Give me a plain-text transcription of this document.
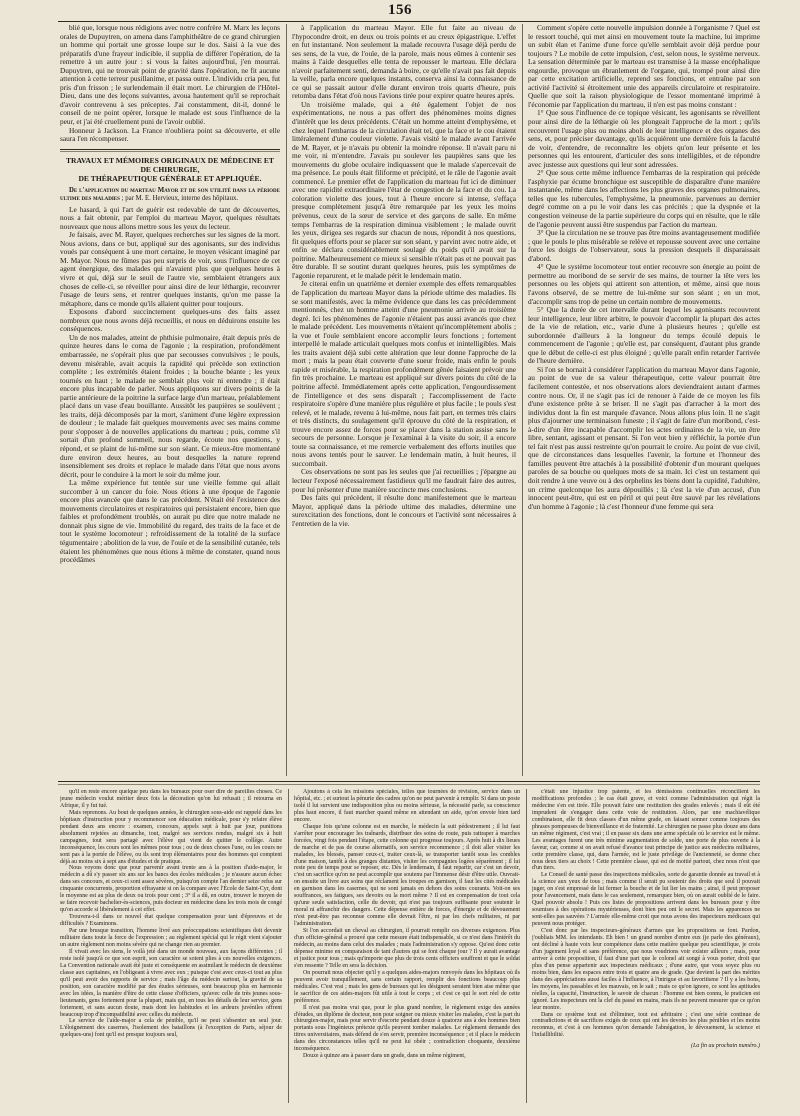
156

blié que, lorsque nous rédigions avec notre confrère M. Marx les leçons orales de Dupuytren, on amena dans l'amphithéâtre de ce grand chirurgien un homme qui portait une grosse loupe sur le dos. Saisi à la vue des préparatifs d'une frayeur indicible, il supplia de différer l'opération, de la remettre à un autre jour : si vous la faites aujourd'hui, j'en mourrai. Dupuytren, qui ne trouvait point de gravité dans l'opération, ne fit aucune attention à cette terreur pusillanime, et passa outre. L'individu cria peu, fut pris d'un frisson ; le surlendemain il était mort. Le chirurgien de l'Hôtel-Dieu, dans une des leçons suivantes, avoua hautement qu'il se reprochait d'avoir contrevenu à ses préceptes. J'ai constamment, dit-il, donné le conseil de ne point opérer, lorsque le malade est sous l'influence de la peur, et j'ai été cruellement puni de l'avoir oublié.

Honneur à Jackson. La France n'oubliera point sa découverte, et elle saura l'en récompenser.

TRAVAUX ET MÉMOIRES ORIGINAUX DE MÉDECINE ET DE CHIRURGIE,

DE THÉRAPEUTIQUE GÉNÉRALE ET APPLIQUÉE.

De l'application du marteau Mayor et de son utilité dans la période ultime des maladies ; par M. E. Hervieux, interne des hôpitaux.

Le hasard, à qui l'art de guérir est redevable de tant de découvertes, nous a fait obtenir, par l'emploi du marteau Mayor, quelques résultats nouveaux que nous allons mettre sous les yeux du lecteur.

Je faisais, avec M. Rayer, quelques recherches sur les signes de la mort. Nous avions, dans ce but, appliqué sur des agonisants, sur des individus voués par conséquent à une mort certaine, le moyen vésicant imaginé par M. Mayor. Nous ne fûmes pas peu surpris de voir, sous l'influence de cet agent énergique, des malades qui n'avaient plus que quelques heures à vivre et qui, déjà sur le seuil de l'autre vie, semblaient étrangers aux choses de celle-ci, se réveiller pour ainsi dire de leur léthargie, recouvrer l'usage de leurs sens, et rentrer quelques instants, qu'on me passe la métaphore, dans ce monde qu'ils allaient quitter pour toujours.

Exposons d'abord succinctement quelques-uns des faits assez nombreux que nous avons déjà recueillis, et nous en déduirons ensuite les conséquences.

Un de nos malades, atteint de phthisie pulmonaire, était depuis près de quinze heures dans le coma de l'agonie ; la respiration, profondément embarrassée, ne s'opérait plus que par secousses convulsives ; le pouls, devenu misérable, avait acquis la rapidité qui précède son extinction complète ; les extrémités étaient froides ; la bouche béante ; les yeux tournés en haut ; le malade ne semblait plus voir ni entendre ; il était encore plus incapable de parler. Nous appliquons sur divers points de la partie antérieure de la poitrine la surface large d'un marteau, préalablement placé dans un vase d'eau bouillante. Aussitôt les paupières se soulèvent ; les traits, déjà décomposés par la mort, s'animent d'une légère expression de douleur ; le malade fait quelques mouvements avec ses mains comme pour s'opposer à de nouvelles applications du marteau ; puis, comme s'il sortait d'un profond sommeil, nous regarde, écoute nos questions, y répond, et se plaint de lui-même sur son séant. Ce mieux-être momentané dure environ deux heures, au bout desquelles la nature reprend insensiblement ses droits et replace le malade dans l'état que nous avons décrit, pour le conduire à la mort le soir du même jour.

La même expérience fut tentée sur une vieille femme qui allait succomber à un cancer du foie. Nous étions à une époque de l'agonie encore plus avancée que dans le cas précédent. N'était été l'existence des mouvements circulatoires et respiratoires qui persistaient encore, bien que faibles et profondément troublés, on aurait pu dire que notre malade ne donnait plus signe de vie. Immobilité du regard, des traits de la face et de tout le système locomoteur ; refroidissement de la totalité de la surface tégumentaire ; abolition de la vue, de l'ouïe et de la sensibilité cutanée, tels étaient les phénomènes que nous étions à même de constater, quand nous procédâmes

à l'application du marteau Mayor. Elle fut faite au niveau de l'hypocondre droit, en deux ou trois points et au creux épigastrique. L'effet en fut instantané. Non seulement la malade recouvra l'usage déjà perdu de ses sens, de la vue, de l'ouïe, de la parole, mais nous eûmes à contenir ses mains à l'aide desquelles elle tenta de repousser le marteau. Elle déclara n'avoir parfaitement senti, demanda à boire, ce qu'elle n'avait pas fait depuis la veille, parla encore quelques instants, conserva ainsi la connaissance de ce qui se passait autour d'elle durant environ trois quarts d'heure, puis retomba dans l'état d'où nous l'avions tirée pour expirer quatre heures après.

Un troisième malade, qui a été également l'objet de nos expérimentations, ne nous a pas offert des phénomènes moins dignes d'intérêt que les deux précédents. C'était un homme atteint d'emphysème, et chez lequel l'embarras de la circulation était tel, que la face et le cou étaient littéralement d'une couleur violette. J'avais visité le malade avant l'arrivée de M. Rayer, et je n'avais pu obtenir la moindre réponse. Il n'avait paru ni me voir, ni m'entendre. J'avais pu soulever les paupières sans que les mouvements du globe oculaire indiquassent que le malade s'apercevait de ma présence. Le pouls était filiforme et précipité, et le râle de l'agonie avait commencé. Le premier effet de l'application du marteau fut ici de diminuer avec une rapidité extraordinaire l'état de congestion de la face et du cou. La coloration violette des joues, tout à l'heure encore si intense, s'effaça presque complètement jusqu'à être remarquée par les yeux les moins prévenus, ceux de la sœur de service et des garçons de salle. En même temps l'embarras de la respiration diminua visiblement ; le malade ouvrit les yeux, dirigea ses regards sur chacun de nous, répondit à nos questions, fit quelques efforts pour se placer sur son séant, y parvint avec notre aide, et enfin se déclara considérablement soulagé du poids qu'il avait sur la poitrine. Malheureusement ce mieux si sensible n'était pas et ne pouvait pas être durable. Il se soutint durant quelques heures, puis les symptômes de l'agonie reparurent, et le malade périt le lendemain matin.

Je citerai enfin un quatrième et dernier exemple des effets remarquables de l'application du marteau Mayor dans la période ultime des maladies. Ils se sont manifestés, avec la même évidence que dans les cas précédemment mentionnés, chez un homme atteint d'une pneumonie arrivée au troisième degré. Ici les phénomènes de l'agonie n'étaient pas aussi avancés que chez le malade précédent. Les mouvements n'étaient qu'incomplètement abolis ; la vue et l'ouïe semblaient encore accomplir leurs fonctions ; fortement interpellé le malade articulait quelques mots confus et inintelligibles. Mais les traits avaient déjà subi cette altération que leur donne l'approche de la mort ; mais la peau était couverte d'une sueur froide, mais enfin le pouls rapide et misérable, la respiration profondément gênée faisaient prévoir une fin très prochaine. Le marteau est appliqué sur divers points du côté de la poitrine affecté. Immédiatement après cette application, l'engourdissement de l'intelligence et des sens disparaît ; l'accomplissement de l'acte respiratoire s'opère d'une manière plus régulière et plus facile ; le pouls s'est relevé, et le malade, revenu à lui-même, nous fait part, en termes très clairs et très distincts, du soulagement qu'il éprouve du côté de la respiration, et trouve encore assez de forces pour se placer dans la station assise sans le secours de personne. Lorsque je l'examinai à la visite du soir, il a encore toute sa connaissance, et me remercie verbalement des efforts inutiles que nous avons tentés pour le sauver. Le lendemain matin, à huit heures, il succombait.

Ces observations ne sont pas les seules que j'ai recueillies ; j'épargne au lecteur l'exposé nécessairement fastidieux qu'il me faudrait faire des autres, pour lui présenter d'une manière succincte mes conclusions.

Des faits qui précèdent, il résulte donc manifestement que le marteau Mayor, appliqué dans la période ultime des maladies, détermine une surexcitation des fonctions, dont le concours et l'activité sont nécessaires à l'entretien de la vie.

Comment s'opère cette nouvelle impulsion donnée à l'organisme ? Quel est le ressort touché, qui met ainsi en mouvement toute la machine, lui imprime un subit élan et l'anime d'une force qu'elle semblait avoir déjà perdue pour toujours ? Le mobile de cette impulsion, c'est, selon nous, le système nerveux. La sensation déterminée par le marteau est transmise à la masse encéphalique engourdie, provoque un ébranlement de l'organe, qui, trompé pour ainsi dire par cette excitation artificielle, reprend ses fonctions, et entraîne par son activité l'activité si étroitement unie des appareils circulatoire et respiratoire. Quelle que soit la raison physiologique de l'essor momentané imprimé à l'économie par l'application du marteau, il n'en est pas moins constant :

1° Que sous l'influence de ce topique vésicant, les agonisants se réveillent pour ainsi dire de la léthargie où les plongeait l'approche de la mort ; qu'ils recouvrent l'usage plus ou moins aboli de leur intelligence et des organes des sens, et, pour préciser davantage, qu'ils acquièrent une dernière fois la faculté de voir, d'entendre, de reconnaître les objets qu'on leur présente et les personnes qui les entourent, d'articuler des sons intelligibles, et de répondre avec justesse aux questions qui leur sont adressées.

2° Que sous cette même influence l'embarras de la respiration qui précède l'asphyxie par écume bronchique est susceptible de disparaître d'une manière instantanée, même dans les affections les plus graves des organes pulmonaires, telles que les tubercules, l'emphysème, la pneumonie, parvenues au dernier degré comme on a pu le voir dans les cas précités ; que la dyspnée et la congestion veineuse de la partie supérieure du corps qui en résulte, que le râle de l'agonie peuvent aussi être suspendus par l'action du marteau.

3° Que la circulation ne se trouve pas être moins avantageusement modifiée ; que le pouls le plus misérable se relève et repousse souvent avec une certaine force les doigts de l'observateur, sous la pression desquels il disparaissait d'abord.

4° Que le système locomoteur tout entier recouvre son énergie au point de permettre au moribond de se servir de ses mains, de tourner la tête vers les personnes ou les objets qui attirent son attention, et même, ainsi que nous l'avons observé, de se mettre de lui-même sur son séant ; en un mot, d'accomplir sans trop de peine un certain nombre de mouvements.

5° Que la durée de cet intervalle durant lequel les agonisants recouvrent leur intelligence, leur libre arbitre, le pouvoir d'accomplir la plupart des actes de la vie de relation, etc., varie d'une à plusieurs heures ; qu'elle est subordonnée d'ailleurs à la longueur du temps écoulé depuis le commencement de l'agonie ; qu'elle est, par conséquent, d'autant plus grande que le début de celle-ci est plus éloigné ; qu'elle paraît enfin retarder l'arrivée de l'heure dernière.

Si l'on se bornait à considérer l'application du marteau Mayor dans l'agonie, au point de vue de sa valeur thérapeutique, cette valeur pourrait être facilement contestée, et nos observations alors deviendraient autant d'armes contre nous. Or, il ne s'agit pas ici de renouer à l'aide de ce moyen les fils d'une existence prête à se briser. Il ne s'agit pas d'arracher à la mort des individus dont la fin est marquée d'avance. Nous allons plus loin. Il ne s'agit plus d'ajourner une terminaison funeste ; il s'agit de faire d'un moribond, c'est-à-dire d'un être incapable d'accomplir les actes ordinaires de la vie, un être libre, sentant, agissant et pensant. Si l'on veut bien y réfléchir, la portée d'un tel fait n'est pas aussi restreinte qu'on pourrait le croire. Au point de vue civil, que de circonstances dans lesquelles l'avenir, la fortune et l'honneur des familles peuvent être attachés à la possibilité d'obtenir d'un mourant quelques paroles de sa bouche ou quelques mots de sa main. Ici c'est un testament qui doit rendre à une veuve ou à des orphelins les biens dont la cupidité, l'adultère, un crime quelconque les aura dépouillés ; là c'est la vie d'un accusé, d'un innocent peut-être, qui est en péril et qui peut être sauvé par les révélations d'un homme à l'agonie ; là c'est l'honneur d'une femme qui sera

qu'il en reste encore quelque peu dans les bureaux pour oser dire de pareilles choses. Ce jeune médecin voulut mériter deux fois la décoration qu'on lui refusait ; il retourna en Afrique, il y fut tué.

Mais reprenons. Au bout de quelques années, le chirurgien sous-aide est rappelé dans les hôpitaux d'instruction pour y recommencer son éducation médicale, pour s'y refaire élève pendant deux ans encore : examen, concours, appels sept à huit par jour, punitions absolument rejetées au dimanche, tout, malgré ses services rendus, malgré six à huit campagnes, tout sera partagé avec l'élève qui vient de quitter le collège. Autre inconséquence, les cours sont les mêmes pour tous ; ou de deux choses l'une, ou les cours ne sont pas à la portée de l'élève, ou ils sont trop élémentaires pour des hommes qui comptent déjà au moins six à sept ans d'études et de pratique.

Nous voyons donc que pour parvenir avant trente ans à la position d'aide-major, le médecin a dû s'y passer six ans sur les bancs des écoles médicales ; je n'assure aucun échec dans ses concours, et ceux-ci sont assez sévères, puisqu'on compte l'an dernier seize refus sur cinquante concurrents, proportion effrayante si on la compare avec l'École de Saint-Cyr, dont le moyenne est au plus de deux ou trois pour cent ; 3° il a dû, en outre, trouver le moyen de se faire recevoir bachelier-ès-sciences, puis docteur en médecine dans les trois mois de congé qu'on accorde si libéralement à cet effet.

Trouvera-t-il dans ce nouvel état quelque compensation pour tant d'épreuves et de difficultés ? Examinons.

Par une brusque transition, l'homme livré aux préoccupations scientifiques doit devenir militaire dans toute la force de l'expression ; au règlement spécial qui le régit vient s'ajouter un autre règlement non moins sévère qui ne change rien au premier.

Il vivait avec les siens, le voilà jeté dans un monde nouveau, aux façons différentes ; il reste isolé jusqu'à ce que son esprit, son caractère se soient plies à ces nouvelles exigences. La Convention nationale avait été juste et conséquente en assimilant le médecin de deuxième classe aux capitaines, en l'obligeant à vivre avec eux ; puisque c'est avec ceux-ci tout au plus qu'il peut avoir des rapports de service ; mais l'âge du médecin surtout, la gravité de sa position, son caractère modifié par des études sérieuses, sont beaucoup plus en harmonie avec les idées, la manière d'être de cette classe d'officiers, qu'avec celle de très jeunes sous-lieutenants, gens fortement pour la plupart, mais qui, en tous les détails de leur service, gens fortement, et sans aucun doute, mais dont les habitudes et les ardeurs juvéniles offrent beaucoup trop d'incompatibilité avec celles du médecin.

Le service de l'aide-major a cela de pénible, qu'il ne peut s'absenter un seul jour. L'éloignement des casernes, l'isolement des bataillons (à l'exception de Paris, séjour de quelques-uns) font qu'il est presque toujours seul,

Ajoutons à cela les missions spéciales, telles que tournées de révision, service dans un hôpital, etc. ; et surtout la pénurie des cadres qu'on ne peut parvenir à remplir. Si dans un poste isolé il lui survient une indisposition plus ou moins sérieuse, la nécessité parle, sa conscience plus haut encore, il faut marcher quand même en attendant un aide, qu'on envoie bien tard encore.

Chaque fois qu'une colonne est en marche, le médecin la suit pédestrement ; il lui faut s'arrêter pour encourager les traînards, distribuer des soins de route, puis rattraper à marches forcées, vingt fois pendant l'étape, cette colonne qui progresse toujours. Après huit à dix lieues de marche et de pas de course alternatifs, son service recommence ; il doit aller visiter les malades, les blessés, panser ceux-ci, traiter ceux-là, se transporter tantôt sous les combles d'une maison, tantôt à des granges distantes, visiter les compagnies logées séparément ; il lui reste peu de temps pour se reposer, etc. Dès le lendemain, il faut repartir, car c'est un devoir, c'est un sacrifice qu'on ne peut accomplir que soutenu par l'immense désir d'être utile. Ouvrait-on ensuite un livre aux soins que réclament les troupes en garnison, il faut les cités médicales en garnison dans les casernes, qui ne sont jamais en dehors des soins courants. Voit-on ses souffrances, ses fatigues, ses devoirs ou la mort même ? Il est en compensation de tout cela qu'une seule satisfaction, celle du devoir, qui n'est pas toujours suffisante pour soutenir le moral ni affranchir des dangers. Cette dépense entière de forces, d'énergie et de dévouement n'est peut-être pas reconnue comme elle devrait l'être, ni par les chefs militaires, ni par l'administration.

Si l'on accordait un cheval au chirurgien, il pourrait remplir ces diverses exigences. Plus d'un officier-général a prouvé que cette mesure était indispensable, si ce n'est dans l'intérêt du médecin, au moins dans celui des malades ; mais l'administration s'y oppose. Qu'est donc cette dépense minime en comparaison de tant d'autres qui se font chaque jour ? Il y aurait avantage et justice pour tous ; mais qu'importe que plus de trois cents officiers souffrent et que le soldat s'en ressente ? Telle en sera la décision.

On pourrait nous objecter qu'il y a quelques aides-majors renvoyés dans les hôpitaux où ils peuvent avoir tranquillement, sans certain rapport, remplir des fonctions beaucoup plus médicales. C'est vrai ; mais les gens de bureaux qui les désignent seraient bien aise même que le sacrifice de ces aides-majors fût utile à tout le corps ; et c'est ce qui le sort réel de cette préférence.

Il n'est pas moins vrai que, pour le plus grand nombre, le règlement exige des années d'études, un diplôme de docteur, non pour soigner ou mieux visiter les malades, c'est la part du chirurgien-major, mais pour servir d'escorte pendant douze à quatorze ans à des hommes bien portants sous l'ingénieux prétexte qu'ils peuvent tomber malades. Le règlement demande des titres universitaires, mais défend de s'en servir, première inconséquence ; et il place le médecin dans des circonstances telles qu'il ne peut lui obéir ; contradiction choquante, deuxième inconséquence.

Douze à quinze ans à passer dans un grade, dans un même régiment,

c'était une injustice trop patente, et les démissions continuelles réconcilient les modifications profondes ; le cas était grave, et voici comme l'administration qui régit la médecine s'en est tirée. Elle pouvait faire une restitution des grades enlevés ; mais il eût été imprudent de s'engager dans cette voie de restitution. Alors, par une machiavélique combinaison, elle fit deux classes d'un même grade, en faisant sonner comme toujours des phrases pompeuses de bienveillance et de fraternité. Le chirurgien ne passe plus douze ans dans un même régiment, c'est vrai ; il en passe six dans une arme spéciale où le service est le même. Les avantages furent une très minime augmentation de solde, une porte de plus ouverte à la faveur, car, comme si on avait refusé d'avance tout principe de justice aux médecins militaires, cette première classe, qui, dans l'armée, est le juste privilège de l'ancienneté, se donne chez nous deux tiers au choix ! Cette première classe, qui est de moitié partout, chez nous n'est que d'un tiers.

Le Conseil de santé passe des inspections médicales, sorte de garantie donnée au travail et à la science aux yeux de tous ; mais comme il serait pu soutenir des droits que seul il pouvait juger, on s'est empressé de lui fermer la bouche et de lui lier les mains ; ainsi, il peut proposer pour l'avancement, mais dans le cas seulement, remarquez bien, où on aurait oublié de le faire. Quel pouvoir absolu ! Puis ces listes de propositions arrivent dans les bureaux pour y être soumises à des opérations mystérieuses, dont bien peu ont le secret. Mais les apparences ne sont-elles pas sauvées ? L'armée elle-même croit que nous avons des inspecteurs médicaux qui peuvent nous protéger.

C'est donc par les inspecteurs-généraux d'armes que les propositions se font. Pardon, j'oubliais MM. les intendants. Eh bien ! un grand nombre d'entre eux (je parle des généraux), ont décliné à haute voix leur compétence dans cette matière quelque peu scientifique, je crois d'un jugement loyal et sans préférence, que nous voudrions voir exister ailleurs ; mais, pour arriver à cette proposition, il faut d'une part que le colonel ait songé à vous porter, droit que plus d'un pense appartenir aux inspecteurs médicaux ; d'une autre, que vous soyez plus ou moins bien, dans les espaces entre trois et quatre ans de grade. Que devient la part des mérites dans des appréciations aussi faciles à l'influence, à l'intrigue et au favoritisme ? Il y a les bons, les moyens, les passables et les mauvais, on le sait ; mais ce qu'on ignore, ce sont les aptitudes réelles, la capacité, l'instruction, le savoir de chacun : l'homme est bien connu, le praticien est ignoré. Les inspecteurs ont la clef du passé en mains, mais ils ne peuvent mesurer que ce qu'on leur montre.

Dans ce système tout est d'éliminer, tout est arbitraire ; c'est une série continue de contradictions et de sacrifices exigés de ceux qui ont les devoirs les plus pénibles et les moins reconnus, et c'est à ces hommes qu'on demande l'abnégation, le dévouement, la science et l'infaillibilité.

(La fin au prochain numéro.)
